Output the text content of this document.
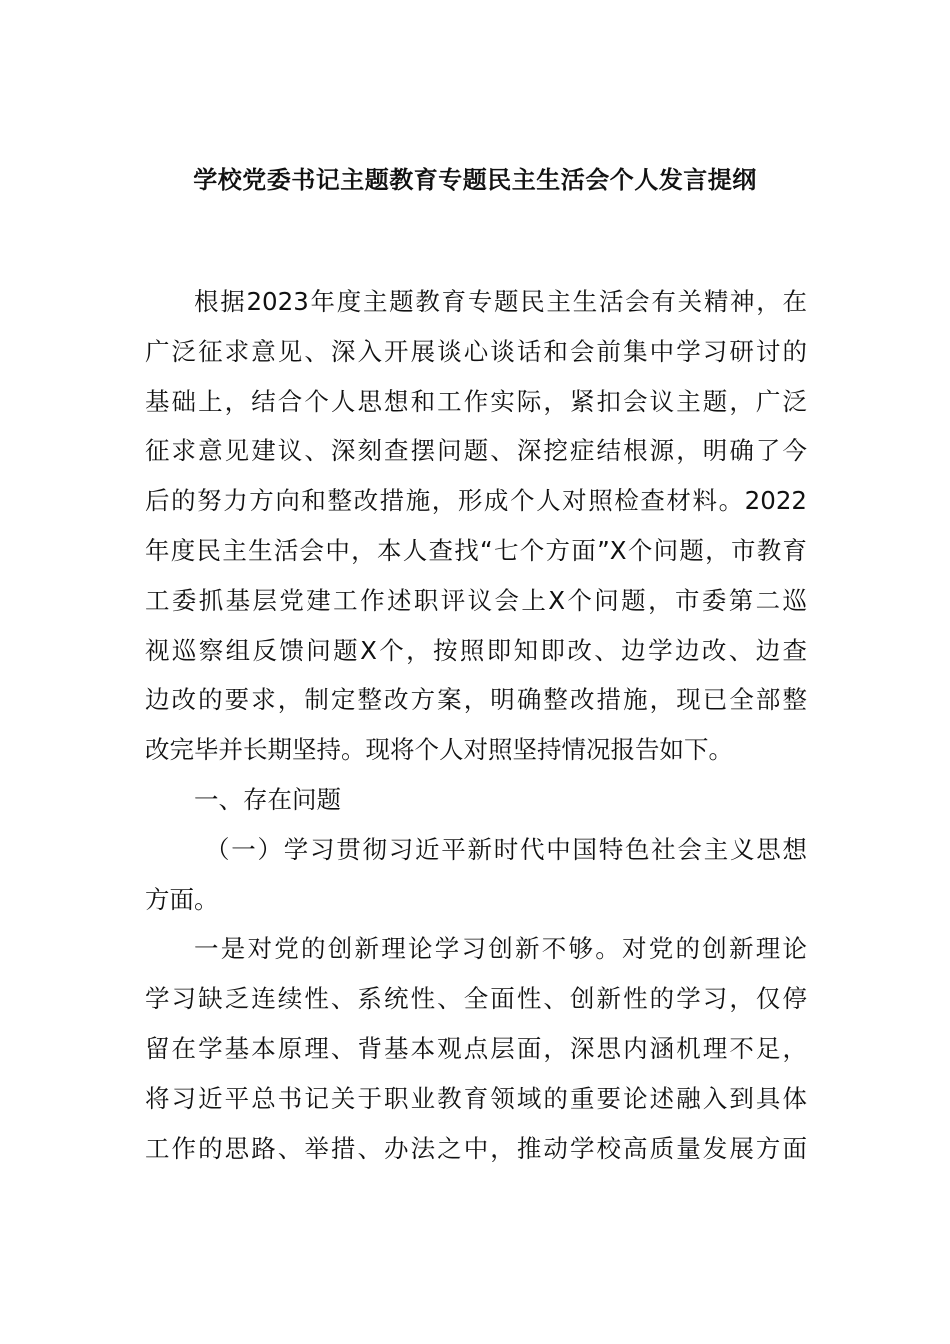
学校党委书记主题教育专题民主生活会个人发言提纲
根据2023年度主题教育专题民主生活会有关精神，在
广泛征求意见、深入开展谈心谈话和会前集中学习研讨的
基础上，结合个人思想和工作实际，紧扣会议主题，广泛
征求意见建议、深刻查摆问题、深挖症结根源，明确了今
后的努力方向和整改措施，形成个人对照检查材料。2022
年度民主生活会中，本人查找“七个方面”X个问题，市教育
工委抓基层党建工作述职评议会上X个问题，市委第二巡
视巡察组反馈问题X个，按照即知即改、边学边改、边查
边改的要求，制定整改方案，明确整改措施，现已全部整
改完毕并长期坚持。现将个人对照坚持情况报告如下。
一、存在问题
（一）学习贯彻习近平新时代中国特色社会主义思想
方面。
一是对党的创新理论学习创新不够。对党的创新理论
学习缺乏连续性、系统性、全面性、创新性的学习，仅停
留在学基本原理、背基本观点层面，深思内涵机理不足，
将习近平总书记关于职业教育领域的重要论述融入到具体
工作的思路、举措、办法之中，推动学校高质量发展方面
